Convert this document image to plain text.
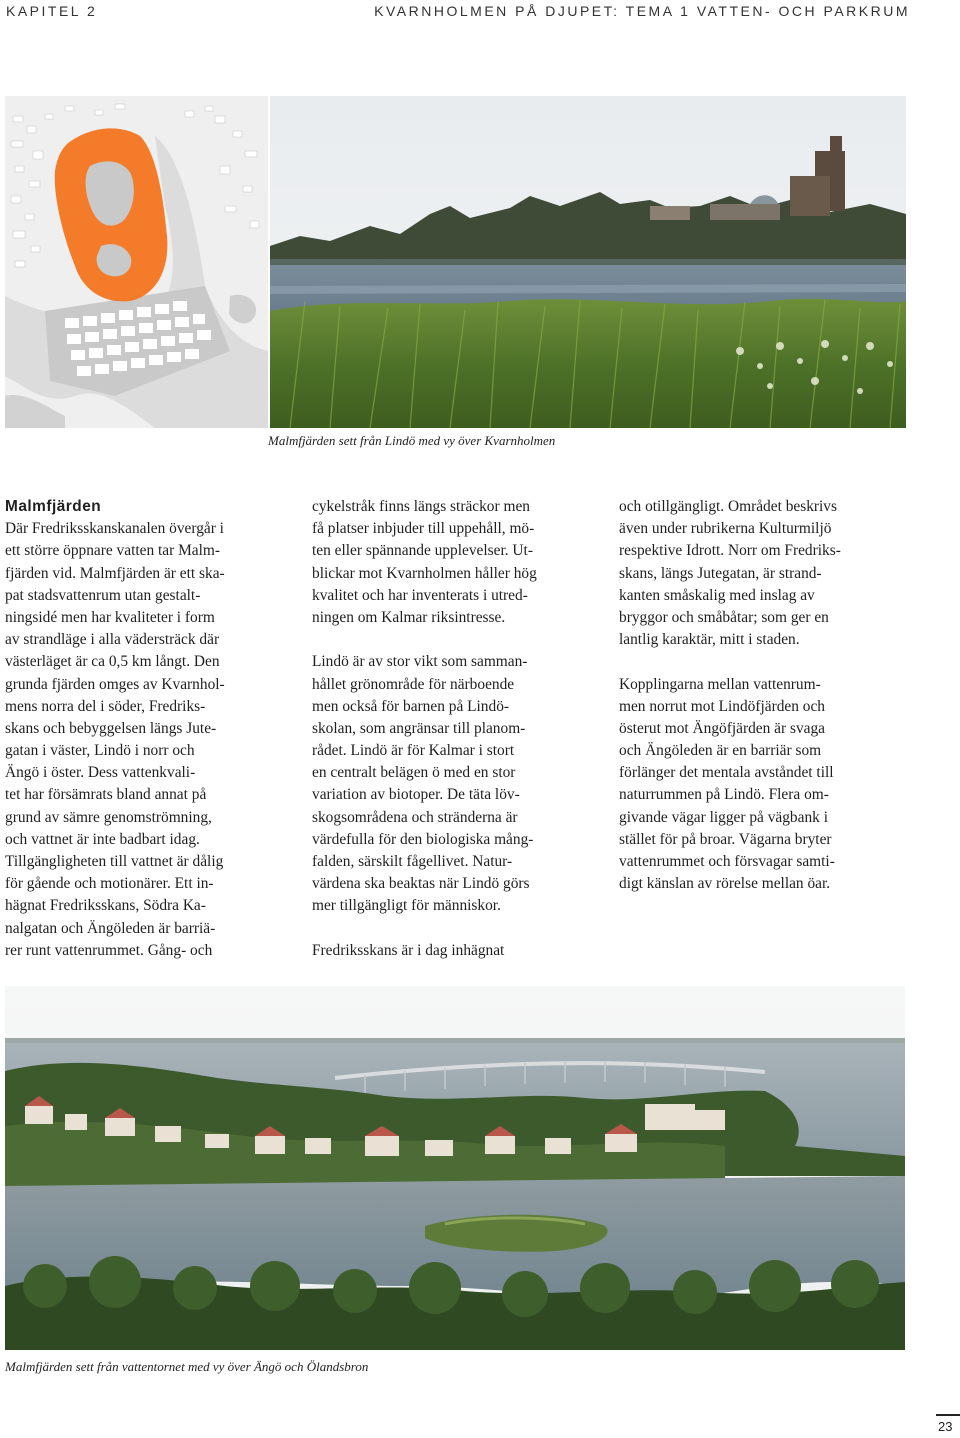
KAPITEL 2	KVARNHOLMEN PÅ DJUPET: TEMA 1 VATTEN- OCH PARKRUM
Malmfjärden sett från Lindö med vy över Kvarnholmen
Malmfjärden
Där Fredriksskanskanalen övergår i
ett större öppnare vatten tar Malm-
fjärden vid. Malmfjärden är ett ska-
pat stadsvattenrum utan gestalt-
ningsidé men har kvaliteter i form
av strandläge i alla vädersträck där
västerläget är ca 0,5 km långt. Den
grunda fjärden omges av Kvarnhol-
mens norra del i söder, Fredriks-
skans och bebyggelsen längs Jute-
gatan i väster, Lindö i norr och
Ängö i öster. Dess vattenkvali-
tet har försämrats bland annat på
grund av sämre genomströmning,
och vattnet är inte badbart idag.
Tillgängligheten till vattnet är dålig
för gående och motionärer. Ett in-
hägnat Fredriksskans, Södra Ka-
nalgatan och Ängöleden är barriä-
rer runt vattenrummet. Gång- och
cykelstråk finns längs sträckor men
få platser inbjuder till uppehåll, mö-
ten eller spännande upplevelser. Ut-
blickar mot Kvarnholmen håller hög
kvalitet och har inventerats i utred-
ningen om Kalmar riksintresse.
Lindö är av stor vikt som samman-
hållet grönområde för närboende
men också för barnen på Lindö-
skolan, som angränsar till planom-
rådet. Lindö är för Kalmar i stort
en centralt belägen ö med en stor
variation av biotoper. De täta löv-
skogsområdena och stränderna är
värdefulla för den biologiska mång-
falden, särskilt fågellivet. Natur-
värdena ska beaktas när Lindö görs
mer tillgängligt för människor.
Fredriksskans är i dag inhägnat
och otillgängligt. Området beskrivs
även under rubrikerna Kulturmiljö
respektive Idrott. Norr om Fredriks-
skans, längs Jutegatan, är strand-
kanten småskalig med inslag av
bryggor och småbåtar; som ger en
lantlig karaktär, mitt i staden.
Kopplingarna mellan vattenrum-
men norrut mot Lindöfjärden och
österut mot Ängöfjärden är svaga
och Ängöleden är en barriär som
förlänger det mentala avståndet till
naturrummen på Lindö. Flera om-
givande vägar ligger på vägbank i
stället för på broar. Vägarna bryter
vattenrummet och försvagar samti-
digt känslan av rörelse mellan öar.
Malmfjärden sett från vattentornet med vy över Ängö och Ölandsbron
23
